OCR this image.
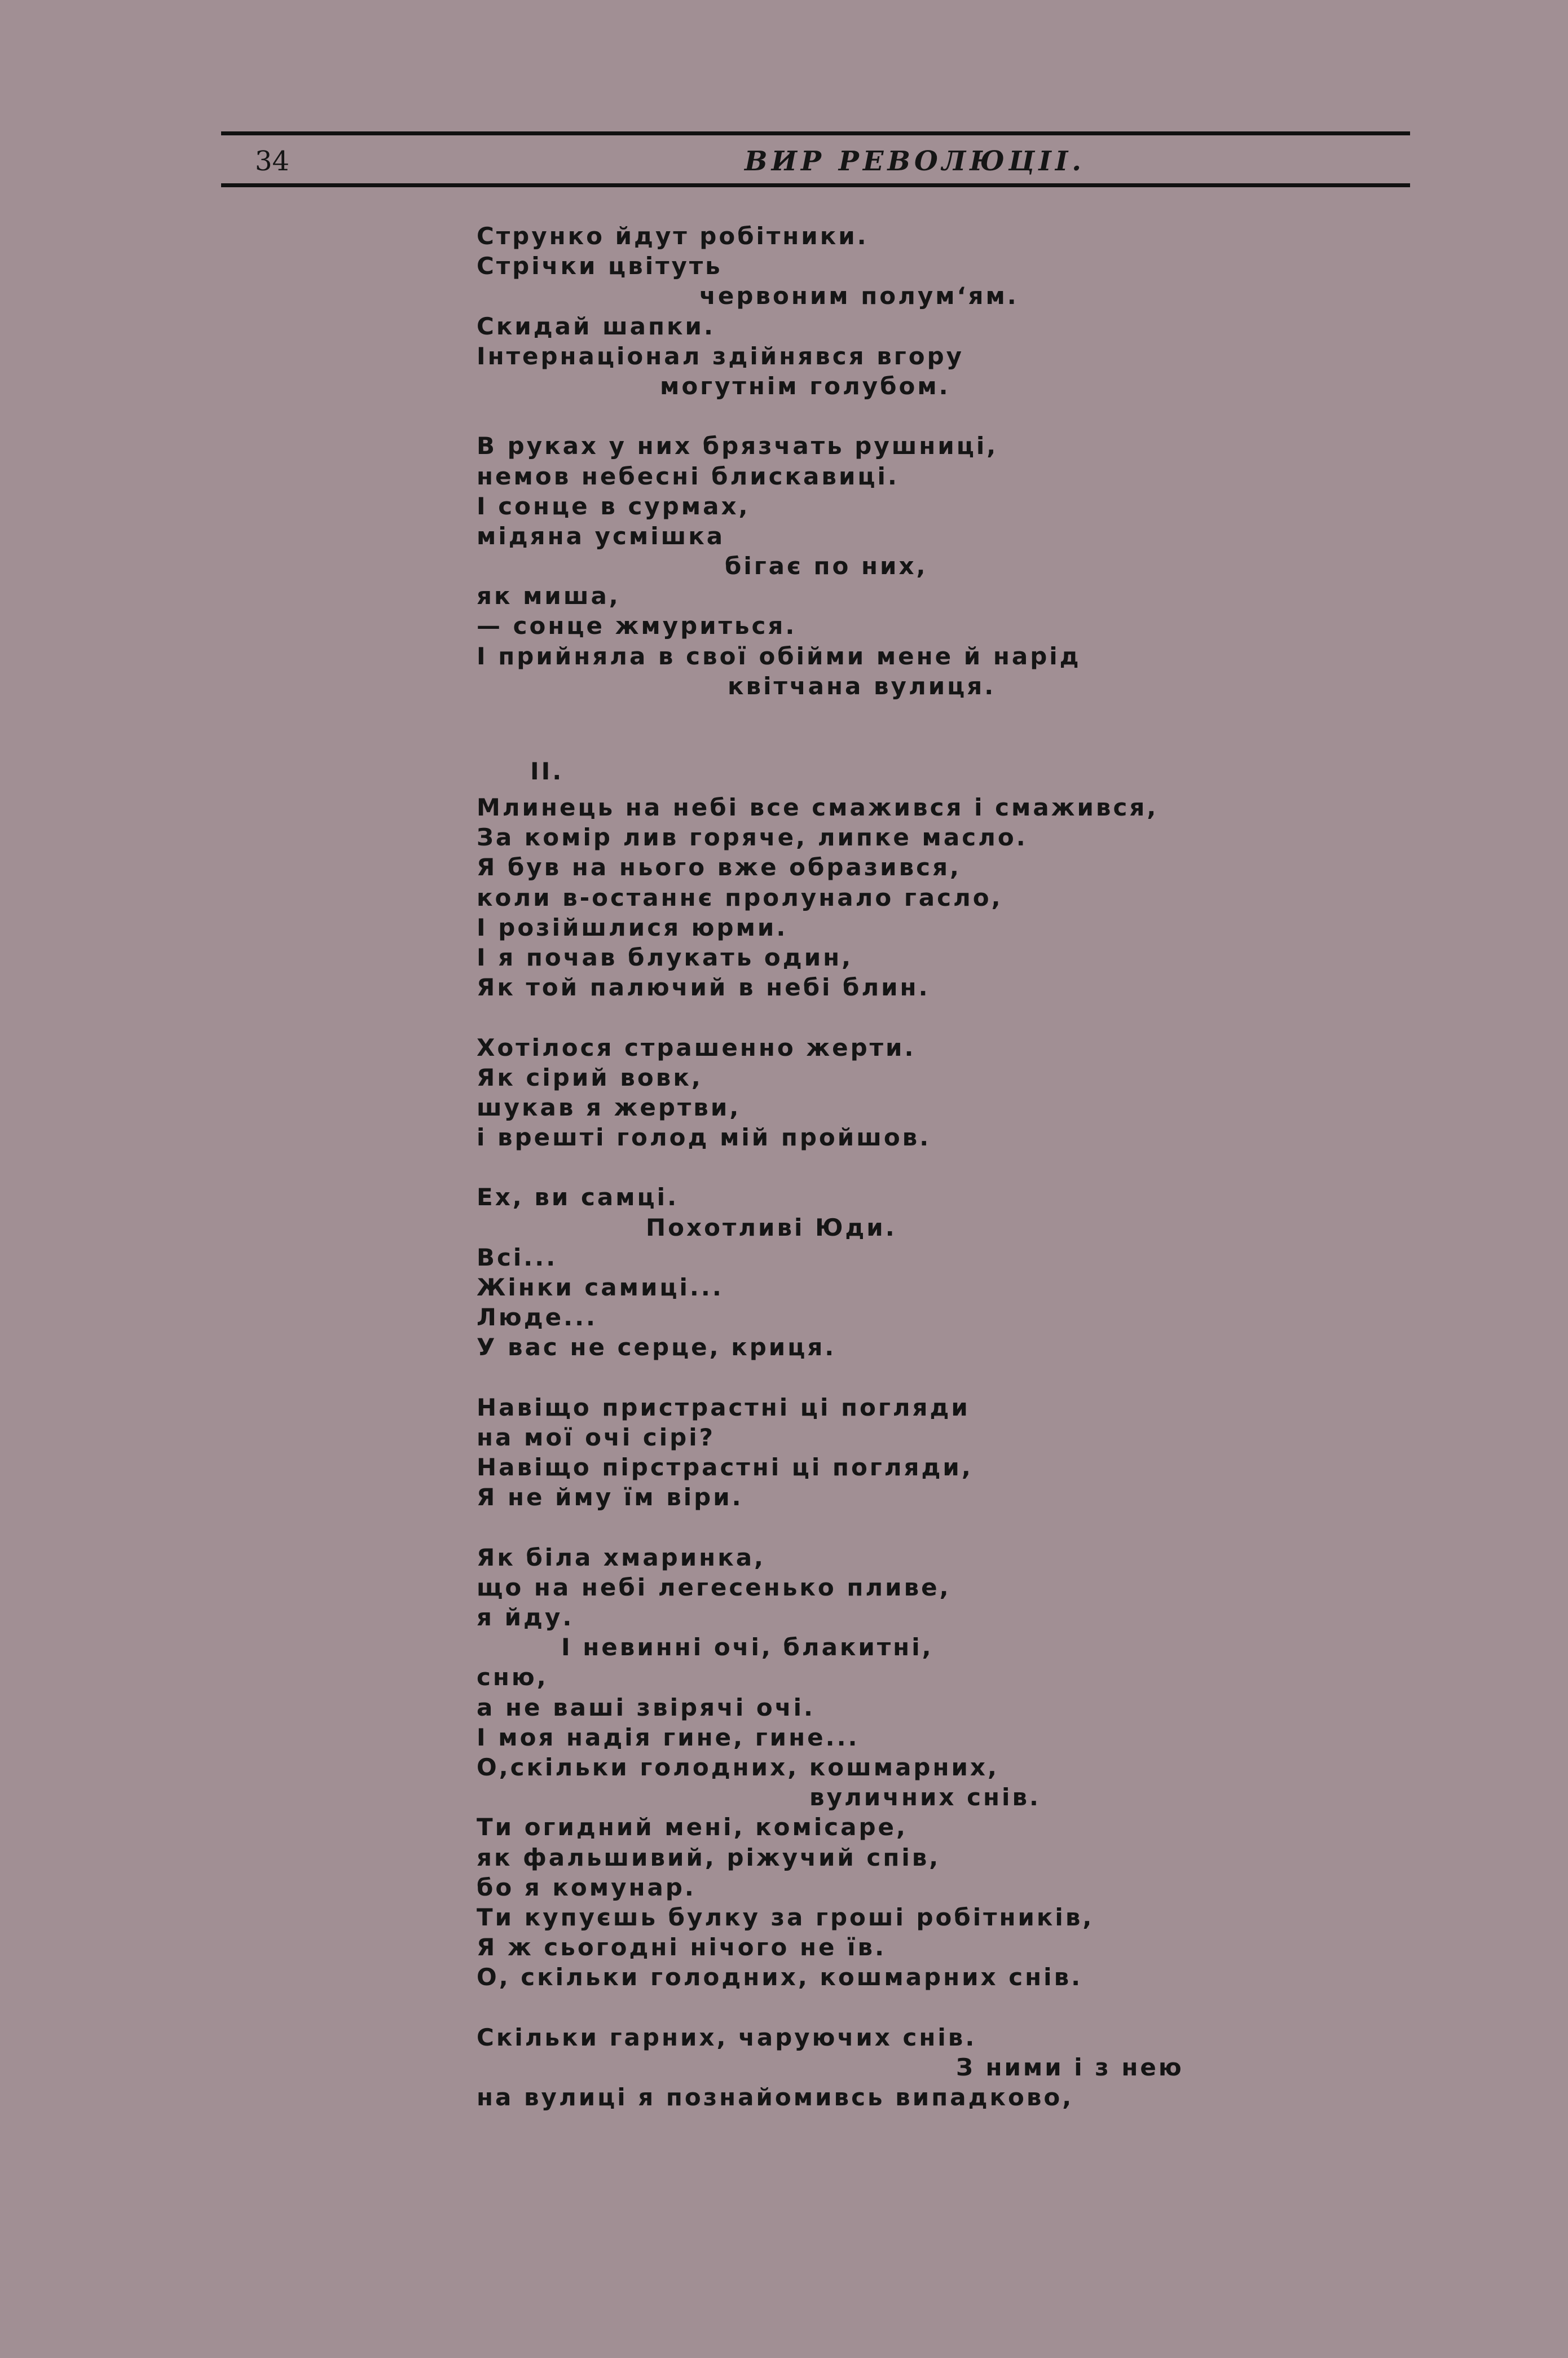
34	ВИР РЕВОЛЮЦІІ.
Струнко йдут робітники.
Стрічки цвітуть
червоним полум‘ям.
Скидай шапки.
Інтернаціонал здійнявся вгору
могутнім голубом.
В руках у них брязчать рушниці,
немов небесні блискавиці.
І сонце в сурмах,
мідяна усмішка
бігає по них,
як миша,
— сонце жмуриться.
І прийняла в свої обійми мене й нарід
квітчана вулиця.
II.
Млинець на небі все смажився і смажився,
За комір лив горяче, липке масло.
Я був на нього вже образився,
коли в-останнє пролунало гасло,
І розійшлися юрми.
І я почав блукать один,
Як той палючий в небі блин.
Хотілося страшенно жерти.
Як сірий вовк,
шукав я жертви,
і врешті голод мій пройшов.
Ех, ви самці.
Похотливі Юди.
Всі...
Жінки самиці...
Люде...
У вас не серце, криця.
Навіщо пристрастні ці погляди
на мої очі сірі?
Навіщо пірстрастні ці погляди,
Я не йму їм віри.
Як біла хмаринка,
що на небі легесенько пливе,
я йду.
І невинні очі, блакитні,
сню,
а не ваші звірячі очі.
І моя надія гине, гине...
О,скільки голодних, кошмарних,
вуличних снів.
Ти огидний мені, комісаре,
як фальшивий, ріжучий спів,
бо я комунар.
Ти купуєшь булку за гроші робітників,
Я ж сьогодні нічого не їв.
О, скільки голодних, кошмарних снів.
Скільки гарних, чаруючих снів.
З ними і з нею
на вулиці я познайомивсь випадково,
